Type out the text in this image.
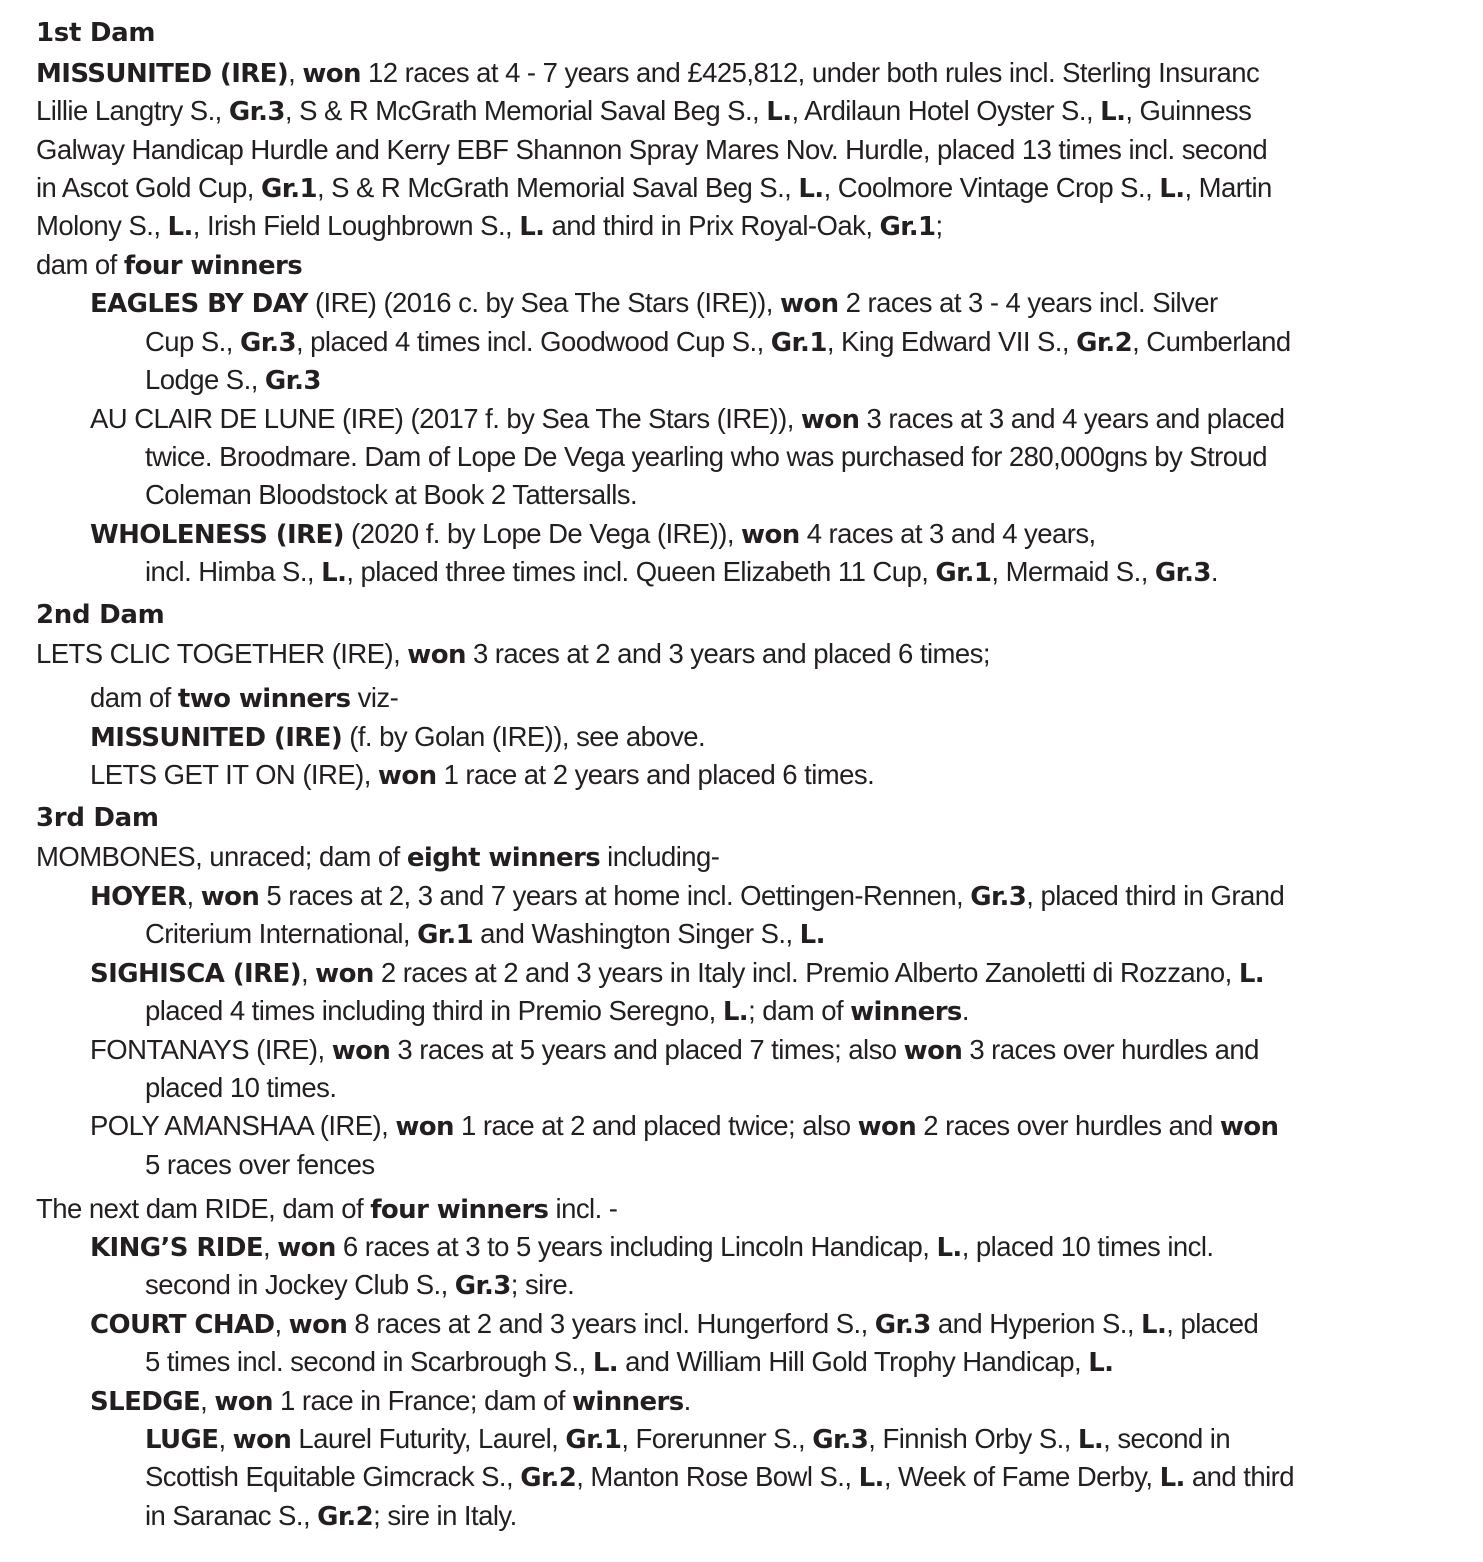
1st Dam
MISSUNITED (IRE), won 12 races at 4 - 7 years and £425,812, under both rules incl. Sterling Insuranc
Lillie Langtry S., Gr.3, S & R McGrath Memorial Saval Beg S., L., Ardilaun Hotel Oyster S., L., Guinness
Galway Handicap Hurdle and Kerry EBF Shannon Spray Mares Nov. Hurdle, placed 13 times incl. second
in Ascot Gold Cup, Gr.1, S & R McGrath Memorial Saval Beg S., L., Coolmore Vintage Crop S., L., Martin
Molony S., L., Irish Field Loughbrown S., L. and third in Prix Royal-Oak, Gr.1;
dam of four winners
EAGLES BY DAY (IRE) (2016 c. by Sea The Stars (IRE)), won 2 races at 3 - 4 years incl. Silver
Cup S., Gr.3, placed 4 times incl. Goodwood Cup S., Gr.1, King Edward VII S., Gr.2, Cumberland
Lodge S., Gr.3
AU CLAIR DE LUNE (IRE) (2017 f. by Sea The Stars (IRE)), won 3 races at 3 and 4 years and placed
twice. Broodmare. Dam of Lope De Vega yearling who was purchased for 280,000gns by Stroud
Coleman Bloodstock at Book 2 Tattersalls.
WHOLENESS (IRE) (2020 f. by Lope De Vega (IRE)), won 4 races at 3 and 4 years,
incl. Himba S., L., placed three times incl. Queen Elizabeth 11 Cup, Gr.1, Mermaid S., Gr.3.
2nd Dam
LETS CLIC TOGETHER (IRE), won 3 races at 2 and 3 years and placed 6 times;
dam of two winners viz-
MISSUNITED (IRE) (f. by Golan (IRE)), see above.
LETS GET IT ON (IRE), won 1 race at 2 years and placed 6 times.
3rd Dam
MOMBONES, unraced; dam of eight winners including-
HOYER, won 5 races at 2, 3 and 7 years at home incl. Oettingen-Rennen, Gr.3, placed third in Grand
Criterium International, Gr.1 and Washington Singer S., L.
SIGHISCA (IRE), won 2 races at 2 and 3 years in Italy incl. Premio Alberto Zanoletti di Rozzano, L.
placed 4 times including third in Premio Seregno, L.; dam of winners.
FONTANAYS (IRE), won 3 races at 5 years and placed 7 times; also won 3 races over hurdles and
placed 10 times.
POLY AMANSHAA (IRE), won 1 race at 2 and placed twice; also won 2 races over hurdles and won
5 races over fences
The next dam RIDE, dam of four winners incl. -
KING’S RIDE, won 6 races at 3 to 5 years including Lincoln Handicap, L., placed 10 times incl.
second in Jockey Club S., Gr.3; sire.
COURT CHAD, won 8 races at 2 and 3 years incl. Hungerford S., Gr.3 and Hyperion S., L., placed
5 times incl. second in Scarbrough S., L. and William Hill Gold Trophy Handicap, L.
SLEDGE, won 1 race in France; dam of winners.
LUGE, won Laurel Futurity, Laurel, Gr.1, Forerunner S., Gr.3, Finnish Orby S., L., second in
Scottish Equitable Gimcrack S., Gr.2, Manton Rose Bowl S., L., Week of Fame Derby, L. and third
in Saranac S., Gr.2; sire in Italy.
